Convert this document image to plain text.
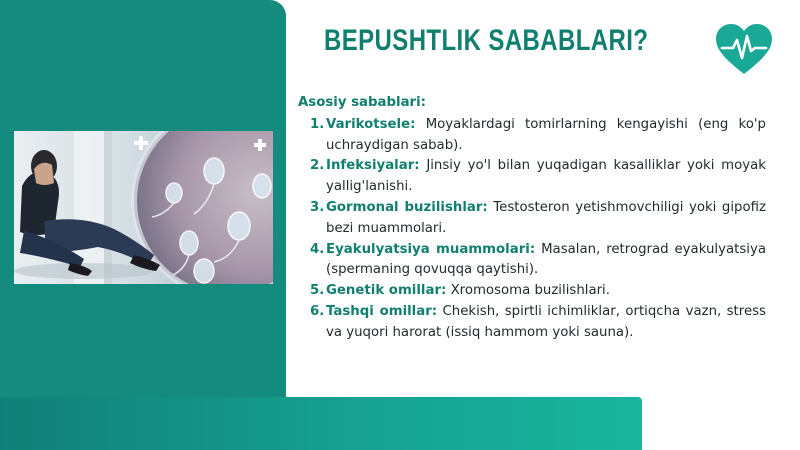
BEPUSHTLIK SABABLARI?
Asosiy sabablari:
1. Varikotsele: Moyaklardagi tomirlarning kengayishi (eng ko'p uchraydigan sabab).
2. Infeksiyalar: Jinsiy yo'l bilan yuqadigan kasalliklar yoki moyak yallig'lanishi.
3. Gormonal buzilishlar: Testosteron yetishmovchiligi yoki gipofiz bezi muammolari.
4. Eyakulyatsiya muammolari: Masalan, retrograd eyakulyatsiya (spermaning qovuqqa qaytishi).
5. Genetik omillar: Xromosoma buzilishlari.
6. Tashqi omillar: Chekish, spirtli ichimliklar, ortiqcha vazn, stress va yuqori harorat (issiq hammom yoki sauna).
